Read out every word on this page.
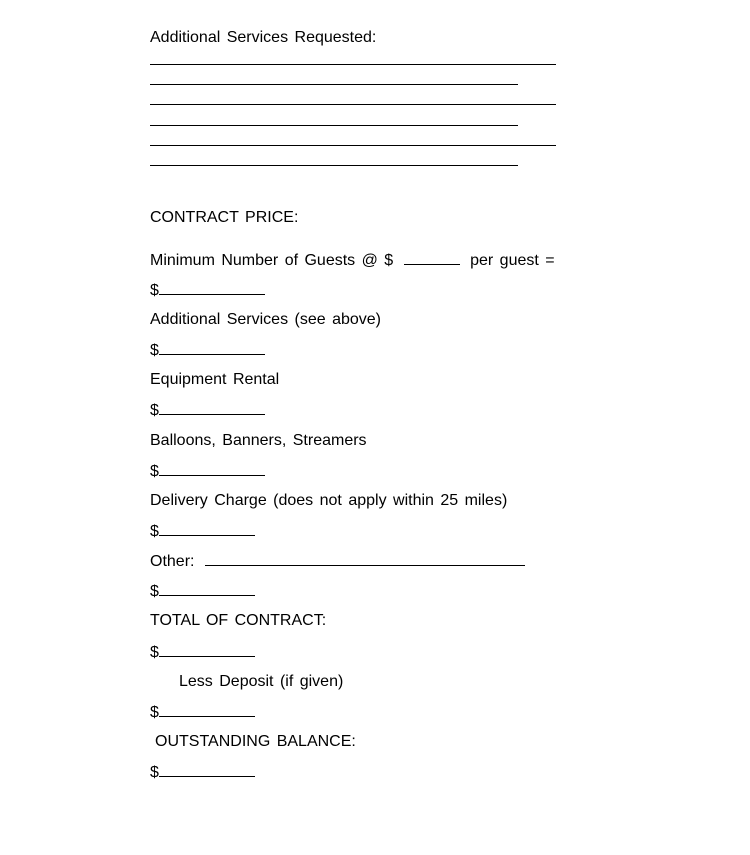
Additional Services Requested:
CONTRACT PRICE:
Minimum Number of Guests @ $	per guest =
$
Additional Services (see above)
$
Equipment Rental
$
Balloons, Banners, Streamers
$
Delivery Charge (does not apply within 25 miles)
$
Other:
$
TOTAL OF CONTRACT:
$
Less Deposit (if given)
$
OUTSTANDING BALANCE:
$
